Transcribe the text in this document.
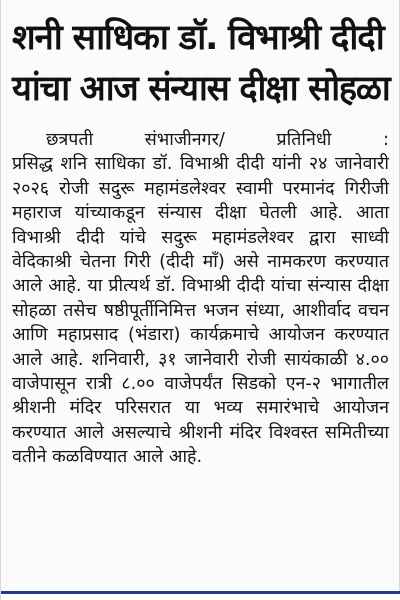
शनी साधिका डॉ. विभाश्री दीदी
यांचा आज संन्यास दीक्षा सोहळा
छत्रपती संभाजीनगर/ प्रतिनिधी :
प्रसिद्ध शनि साधिका डॉ. विभाश्री दीदी यांनी २४ जानेवारी २०२६ रोजी सदुरू महामंडलेश्वर स्वामी परमानंद गिरीजी महाराज यांच्याकडून संन्यास दीक्षा घेतली आहे. आता विभाश्री दीदी यांचे सदुरू महामंडलेश्वर द्वारा साध्वी वेदिकाश्री चेतना गिरी (दीदी माँ) असे नामकरण करण्यात आले आहे. या प्रीत्यर्थ डॉ. विभाश्री दीदी यांचा संन्यास दीक्षा सोहळा तसेच षष्ठीपूर्तीनिमित्त भजन संध्या, आशीर्वाद वचन आणि महाप्रसाद (भंडारा) कार्यक्रमाचे आयोजन करण्यात आले आहे. शनिवारी, ३१ जानेवारी रोजी सायंकाळी ४.०० वाजेपासून रात्री ८.०० वाजेपर्यंत सिडको एन-२ भागातील श्रीशनी मंदिर परिसरात या भव्य समारंभाचे आयोजन करण्यात आले असल्याचे श्रीशनी मंदिर विश्वस्त समितीच्या वतीने कळविण्यात आले आहे.
